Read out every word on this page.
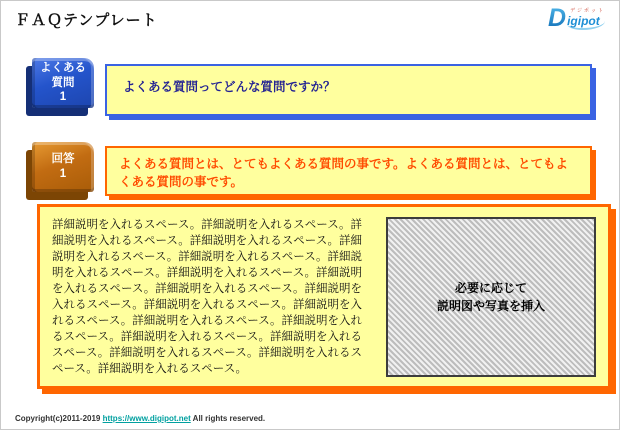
ＦＡＱテンプレート	D デジポット
igipot
よくある
質問
1
よくある質問ってどんな質問ですか？
回答
1
よくある質問とは、とてもよくある質問の事です。よくある質問とは、とてもよくある質問の事です。
詳細説明を入れるスペース。詳細説明を入れるスペース。詳細説明を入れるスペース。詳細説明を入れるスペース。詳細説明を入れるスペース。詳細説明を入れるスペース。詳細説明を入れるスペース。詳細説明を入れるスペース。詳細説明を入れるスペース。詳細説明を入れるスペース。詳細説明を入れるスペース。詳細説明を入れるスペース。詳細説明を入れるスペース。詳細説明を入れるスペース。詳細説明を入れるスペース。詳細説明を入れるスペース。詳細説明を入れるスペース。詳細説明を入れるスペース。詳細説明を入れるスペース。詳細説明を入れるスペース。
必要に応じて
説明図や写真を挿入
Copyright(c)2011-2019 https://www.digipot.net All rights reserved.
